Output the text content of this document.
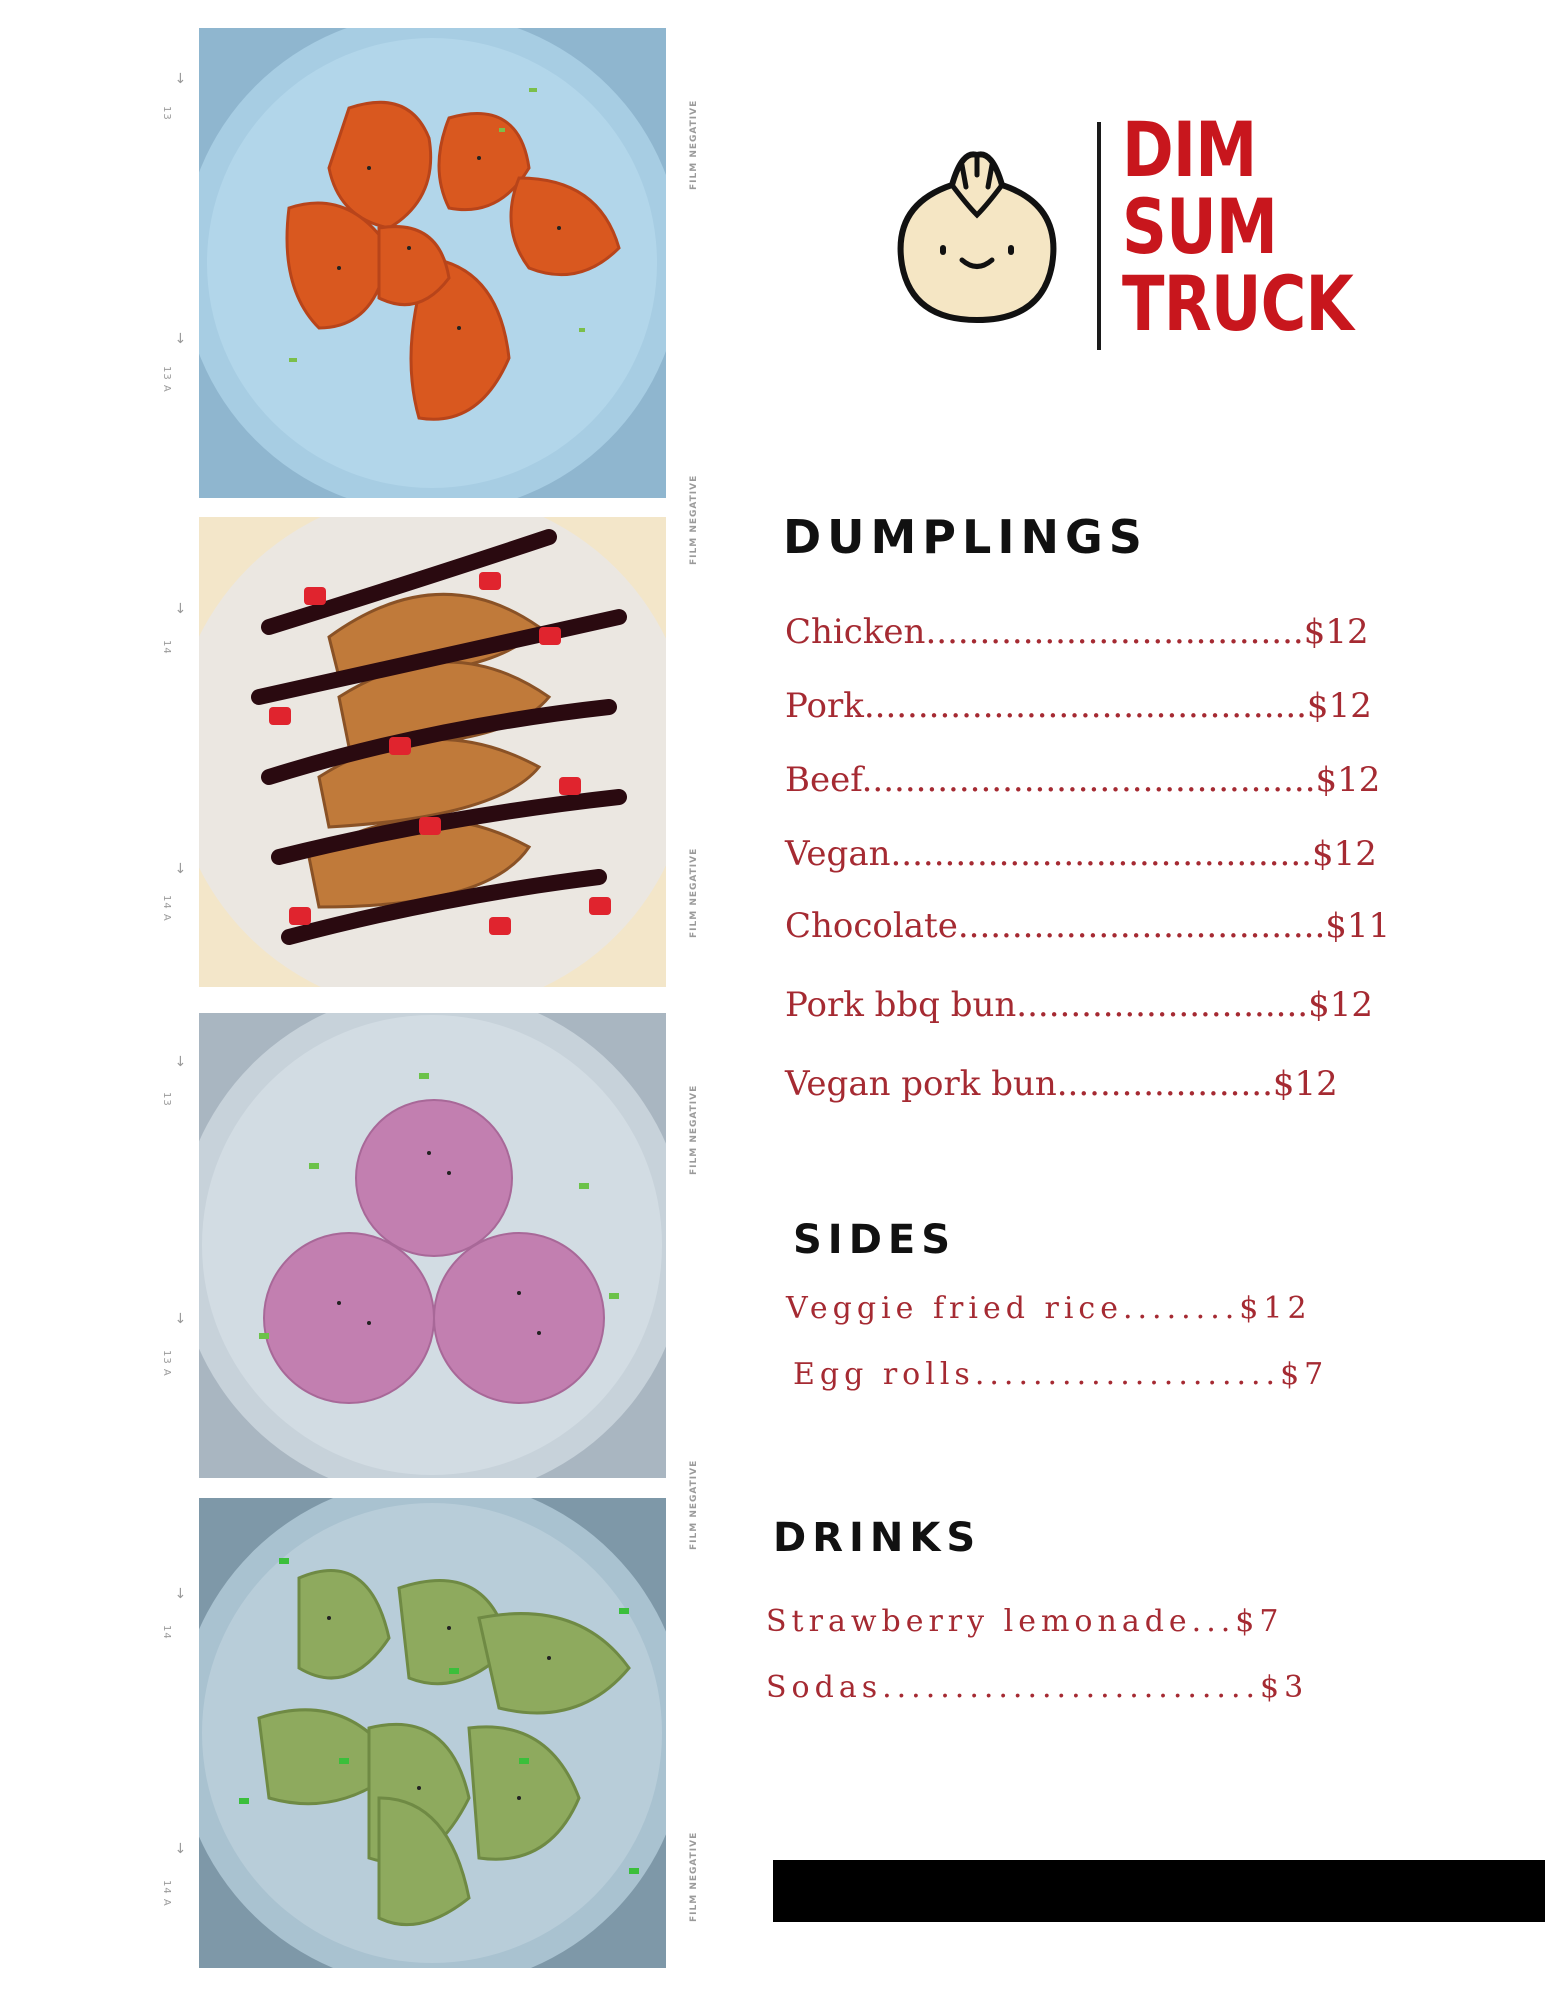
→
13
→
13 A
→
14
→
14 A
→
13
→
13 A
→
14
→
14 A
FILM NEGATIVE
FILM NEGATIVE
FILM NEGATIVE
FILM NEGATIVE
FILM NEGATIVE
FILM NEGATIVE
DIM
SUM
TRUCK
DUMPLINGS
Chicken...................................$12
Pork.........................................$12
Beef..........................................$12
Vegan.......................................$12
Chocolate..................................$11
Pork bbq bun...........................$12
Vegan pork bun....................$12
SIDES
Veggie fried rice........$12
Egg rolls.....................$7
DRINKS
Strawberry lemonade...$7
Sodas..........................$3
